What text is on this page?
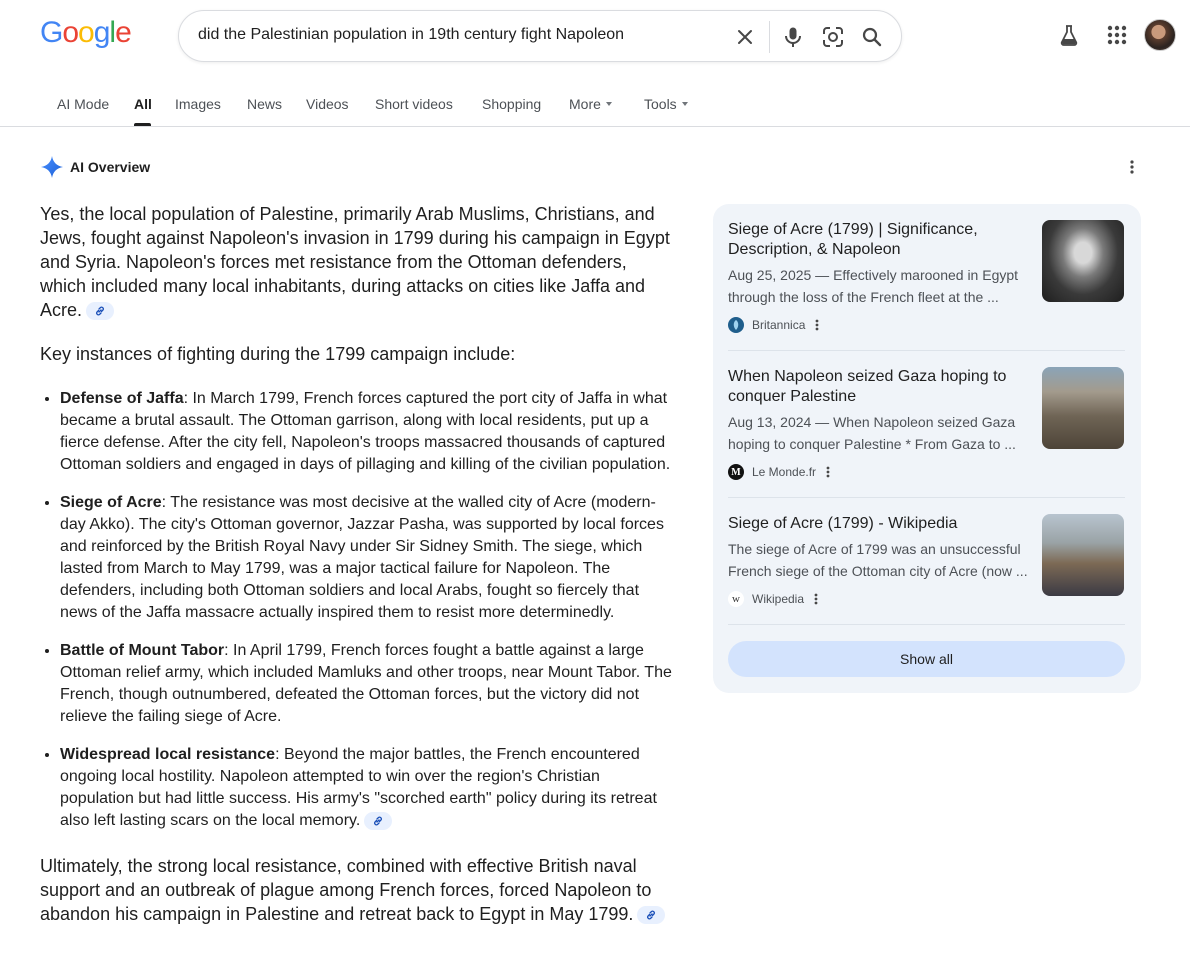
Google	did the Palestinian population in 19th century fight Napoleon
AI Mode All Images News Videos Short videos Shopping More	Tools
AI Overview

Yes, the local population of Palestine, primarily Arab Muslims, Christians, and Jews, fought against Napoleon's invasion in 1799 during his campaign in Egypt and Syria. Napoleon's forces met resistance from the Ottoman defenders, which included many local inhabitants, during attacks on cities like Jaffa and Acre.

Key instances of fighting during the 1799 campaign include:

• Defense of Jaffa: In March 1799, French forces captured the port city of Jaffa in what became a brutal assault. The Ottoman garrison, along with local residents, put up a fierce defense. After the city fell, Napoleon's troops massacred thousands of captured Ottoman soldiers and engaged in days of pillaging and killing of the civilian population.
• Siege of Acre: The resistance was most decisive at the walled city of Acre (modern-day Akko). The city's Ottoman governor, Jazzar Pasha, was supported by local forces and reinforced by the British Royal Navy under Sir Sidney Smith. The siege, which lasted from March to May 1799, was a major tactical failure for Napoleon. The defenders, including both Ottoman soldiers and local Arabs, fought so fiercely that news of the Jaffa massacre actually inspired them to resist more determinedly.
• Battle of Mount Tabor: In April 1799, French forces fought a battle against a large Ottoman relief army, which included Mamluks and other troops, near Mount Tabor. The French, though outnumbered, defeated the Ottoman forces, but the victory did not relieve the failing siege of Acre.
• Widespread local resistance: Beyond the major battles, the French encountered ongoing local hostility. Napoleon attempted to win over the region's Christian population but had little success. His army's "scorched earth" policy during its retreat also left lasting scars on the local memory.

Ultimately, the strong local resistance, combined with effective British naval support and an outbreak of plague among French forces, forced Napoleon to abandon his campaign in Palestine and retreat back to Egypt in May 1799.

Siege of Acre (1799) | Significance, Description, & Napoleon
Aug 25, 2025 — Effectively marooned in Egypt
through the loss of the French fleet at the ...
Britannica
When Napoleon seized Gaza hoping to conquer Palestine
Aug 13, 2024 — When Napoleon seized Gaza
hoping to conquer Palestine * From Gaza to ...
M Le Monde.fr
Siege of Acre (1799) - Wikipedia
The siege of Acre of 1799 was an unsuccessful
French siege of the Ottoman city of Acre (now ...
w	Wikipedia
Show all
